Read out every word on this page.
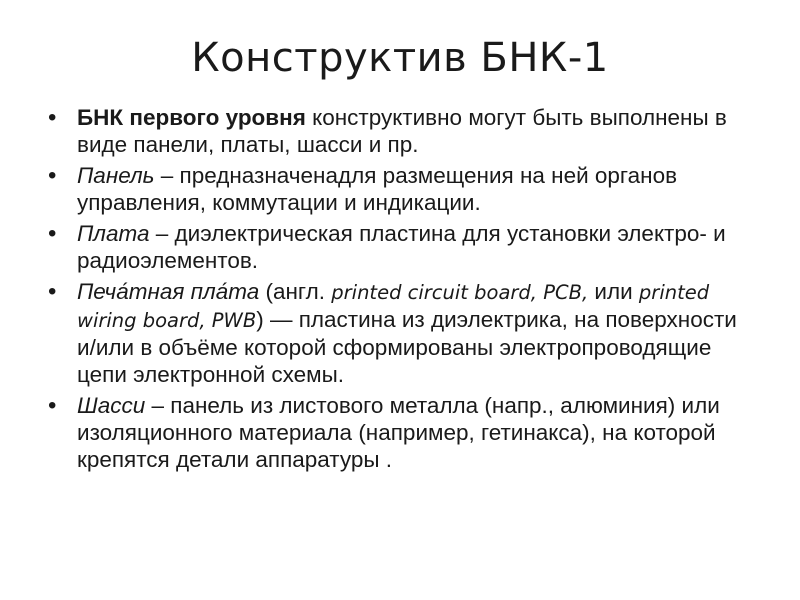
Конструктив БНК-1
• БНК первого уровня конструктивно могут быть выполнены в виде панели, платы, шасси и пр.
• Панель – предназначенадля размещения на ней органов управления, коммутации и индикации.
• Плата – диэлектрическая пластина для установки электро- и радиоэлементов.
• Печа́тная пла́та (англ. printed circuit board, PCB, или printed wiring board, PWB) — пластина из диэлектрика, на поверхности и/или в объёме которой сформированы электропроводящие цепи электронной схемы.
• Шасси – панель из листового металла (напр., алюминия) или изоляционного материала (например, гетинакса), на которой крепятся детали аппаратуры .
